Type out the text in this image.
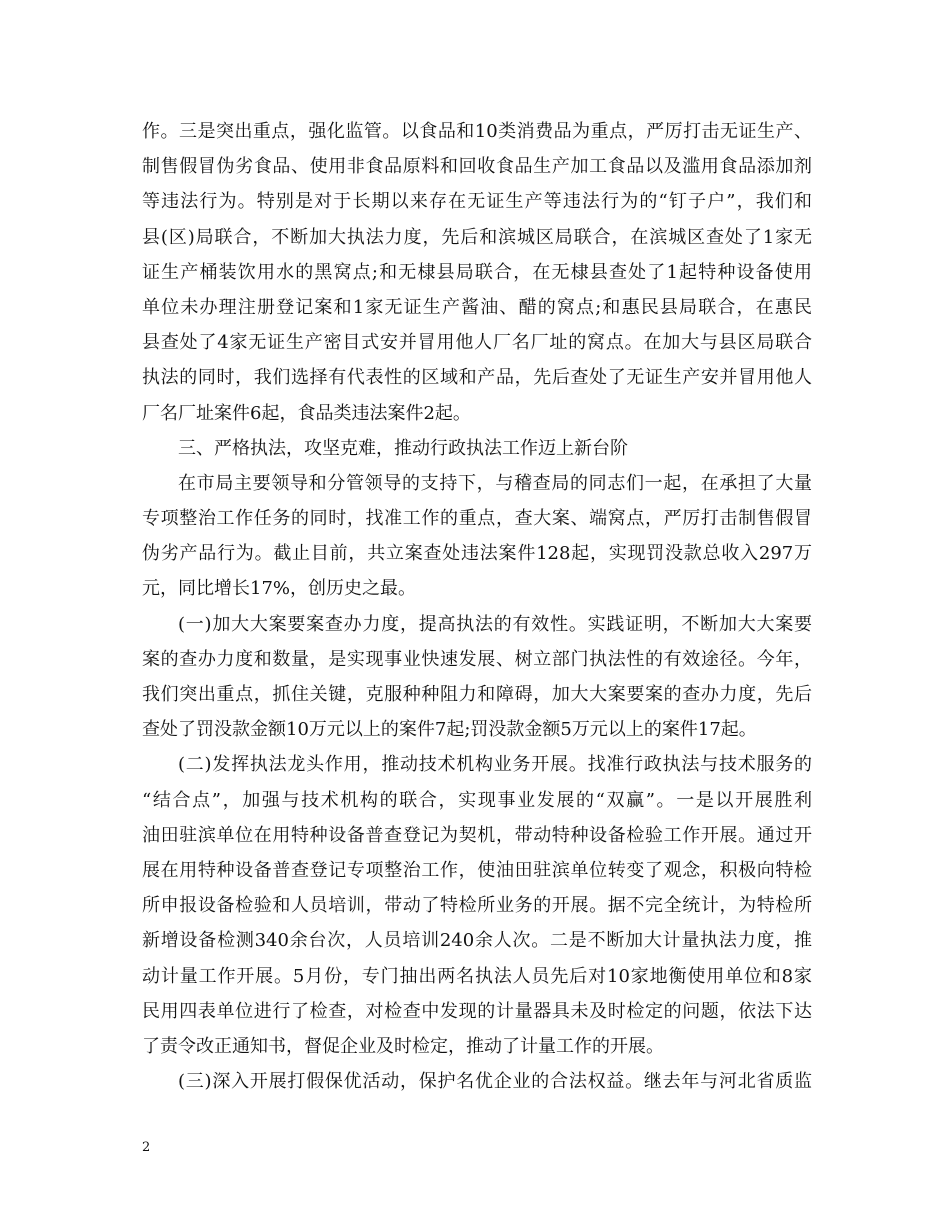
作。三是突出重点，强化监管。以食品和10类消费品为重点，严厉打击无证生产、
制售假冒伪劣食品、使用非食品原料和回收食品生产加工食品以及滥用食品添加剂
等违法行为。特别是对于长期以来存在无证生产等违法行为的“钉子户”，我们和
县(区)局联合，不断加大执法力度，先后和滨城区局联合，在滨城区查处了1家无
证生产桶装饮用水的黑窝点;和无棣县局联合，在无棣县查处了1起特种设备使用
单位未办理注册登记案和1家无证生产酱油、醋的窝点;和惠民县局联合，在惠民
县查处了4家无证生产密目式安并冒用他人厂名厂址的窝点。在加大与县区局联合
执法的同时，我们选择有代表性的区域和产品，先后查处了无证生产安并冒用他人
厂名厂址案件6起，食品类违法案件2起。
三、严格执法，攻坚克难，推动行政执法工作迈上新台阶
在市局主要领导和分管领导的支持下，与稽查局的同志们一起，在承担了大量
专项整治工作任务的同时，找准工作的重点，查大案、端窝点，严厉打击制售假冒
伪劣产品行为。截止目前，共立案查处违法案件128起，实现罚没款总收入297万
元，同比增长17%，创历史之最。
(一)加大大案要案查办力度，提高执法的有效性。实践证明，不断加大大案要
案的查办力度和数量，是实现事业快速发展、树立部门执法性的有效途径。今年，
我们突出重点，抓住关键，克服种种阻力和障碍，加大大案要案的查办力度，先后
查处了罚没款金额10万元以上的案件7起;罚没款金额5万元以上的案件17起。
(二)发挥执法龙头作用，推动技术机构业务开展。找准行政执法与技术服务的
“结合点”，加强与技术机构的联合，实现事业发展的“双赢”。一是以开展胜利
油田驻滨单位在用特种设备普查登记为契机，带动特种设备检验工作开展。通过开
展在用特种设备普查登记专项整治工作，使油田驻滨单位转变了观念，积极向特检
所申报设备检验和人员培训，带动了特检所业务的开展。据不完全统计，为特检所
新增设备检测340余台次，人员培训240余人次。二是不断加大计量执法力度，推
动计量工作开展。5月份，专门抽出两名执法人员先后对10家地衡使用单位和8家
民用四表单位进行了检查，对检查中发现的计量器具未及时检定的问题，依法下达
了责令改正通知书，督促企业及时检定，推动了计量工作的开展。
(三)深入开展打假保优活动，保护名优企业的合法权益。继去年与河北省质监
2
